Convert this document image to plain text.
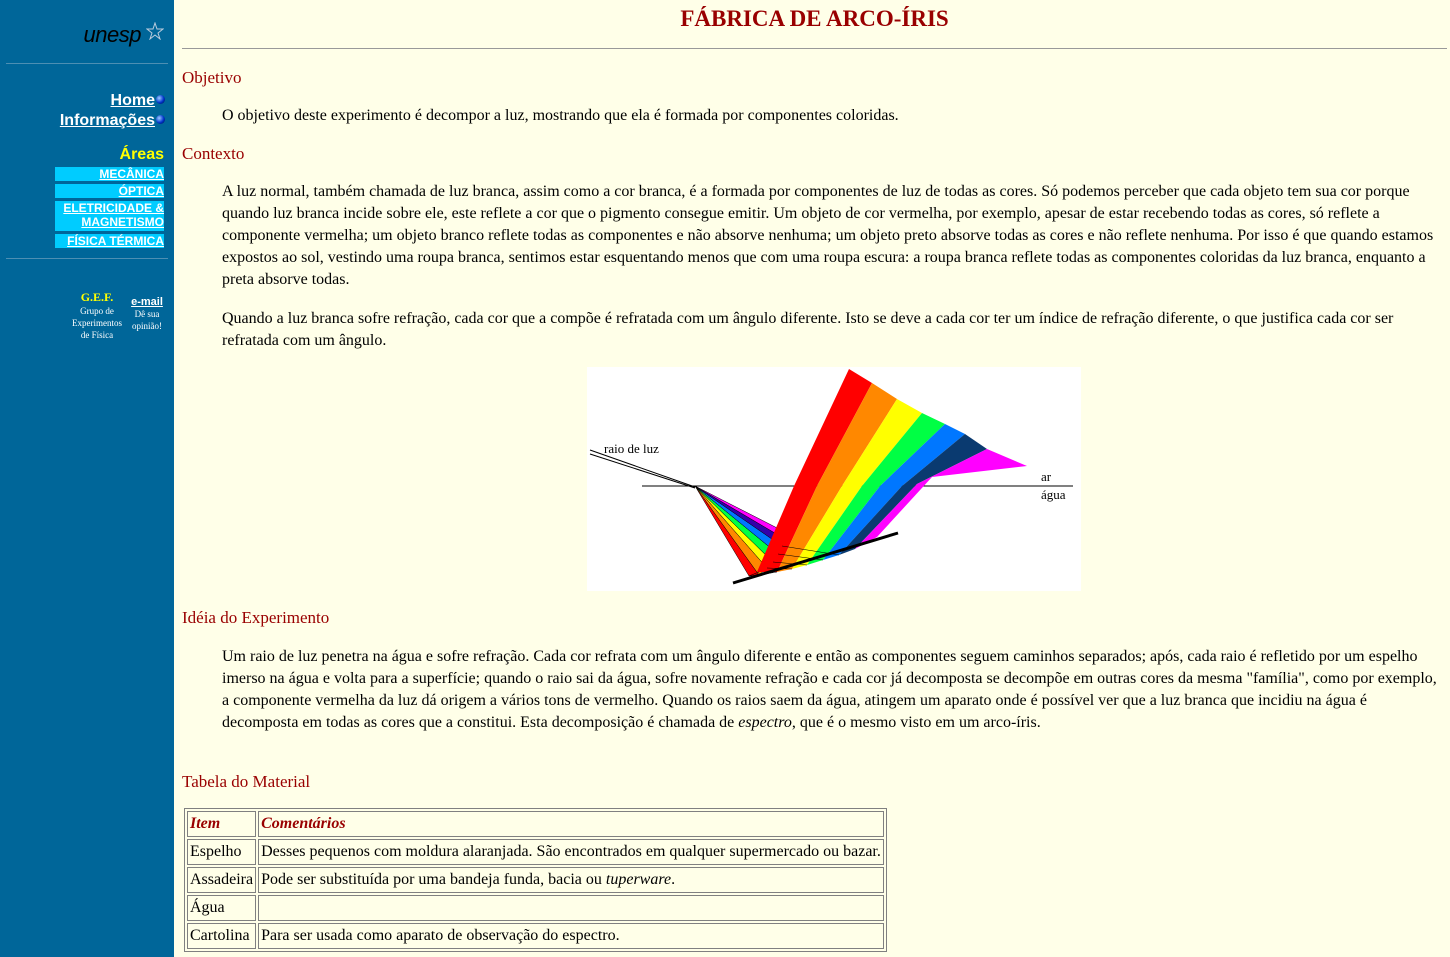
unesp
Home
Informações
Áreas
MECÂNICA
ÓPTICA
ELETRICIDADE &
MAGNETISMO
FÍSICA TÉRMICA
G.E.F.
Grupo de
Experimentos
de Física
e-mail
Dê sua
opinião!
FÁBRICA DE ARCO-ÍRIS
Objetivo
O objetivo deste experimento é decompor a luz, mostrando que ela é formada por componentes coloridas.
Contexto
A luz normal, também chamada de luz branca, assim como a cor branca, é a formada por componentes de luz de todas as cores. Só podemos perceber que cada objeto tem sua cor porque quando luz branca incide sobre ele, este reflete a cor que o pigmento consegue emitir. Um objeto de cor vermelha, por exemplo, apesar de estar recebendo todas as cores, só reflete a componente vermelha; um objeto branco reflete todas as componentes e não absorve nenhuma; um objeto preto absorve todas as cores e não reflete nenhuma. Por isso é que quando estamos expostos ao sol, vestindo uma roupa branca, sentimos estar esquentando menos que com uma roupa escura: a roupa branca reflete todas as componentes coloridas da luz branca, enquanto a preta absorve todas.
Quando a luz branca sofre refração, cada cor que a compõe é refratada com um ângulo diferente. Isto se deve a cada cor ter um índice de refração diferente, o que justifica cada cor ser refratada com um ângulo.
raio de luz
ar
água
Idéia do Experimento
Um raio de luz penetra na água e sofre refração. Cada cor refrata com um ângulo diferente e então as componentes seguem caminhos separados; após, cada raio é refletido por um espelho imerso na água e volta para a superfície; quando o raio sai da água, sofre novamente refração e cada cor já decomposta se decompõe em outras cores da mesma "família", como por exemplo, a componente vermelha da luz dá origem a vários tons de vermelho. Quando os raios saem da água, atingem um aparato onde é possível ver que a luz branca que incidiu na água é decomposta em todas as cores que a constitui. Esta decomposição é chamada de espectro, que é o mesmo visto em um arco-íris.
Tabela do Material
Item	Comentários
Espelho	Desses pequenos com moldura alaranjada. São encontrados em qualquer supermercado ou bazar.
Assadeira	Pode ser substituída por uma bandeja funda, bacia ou tuperware.
Água	
Cartolina	Para ser usada como aparato de observação do espectro.
